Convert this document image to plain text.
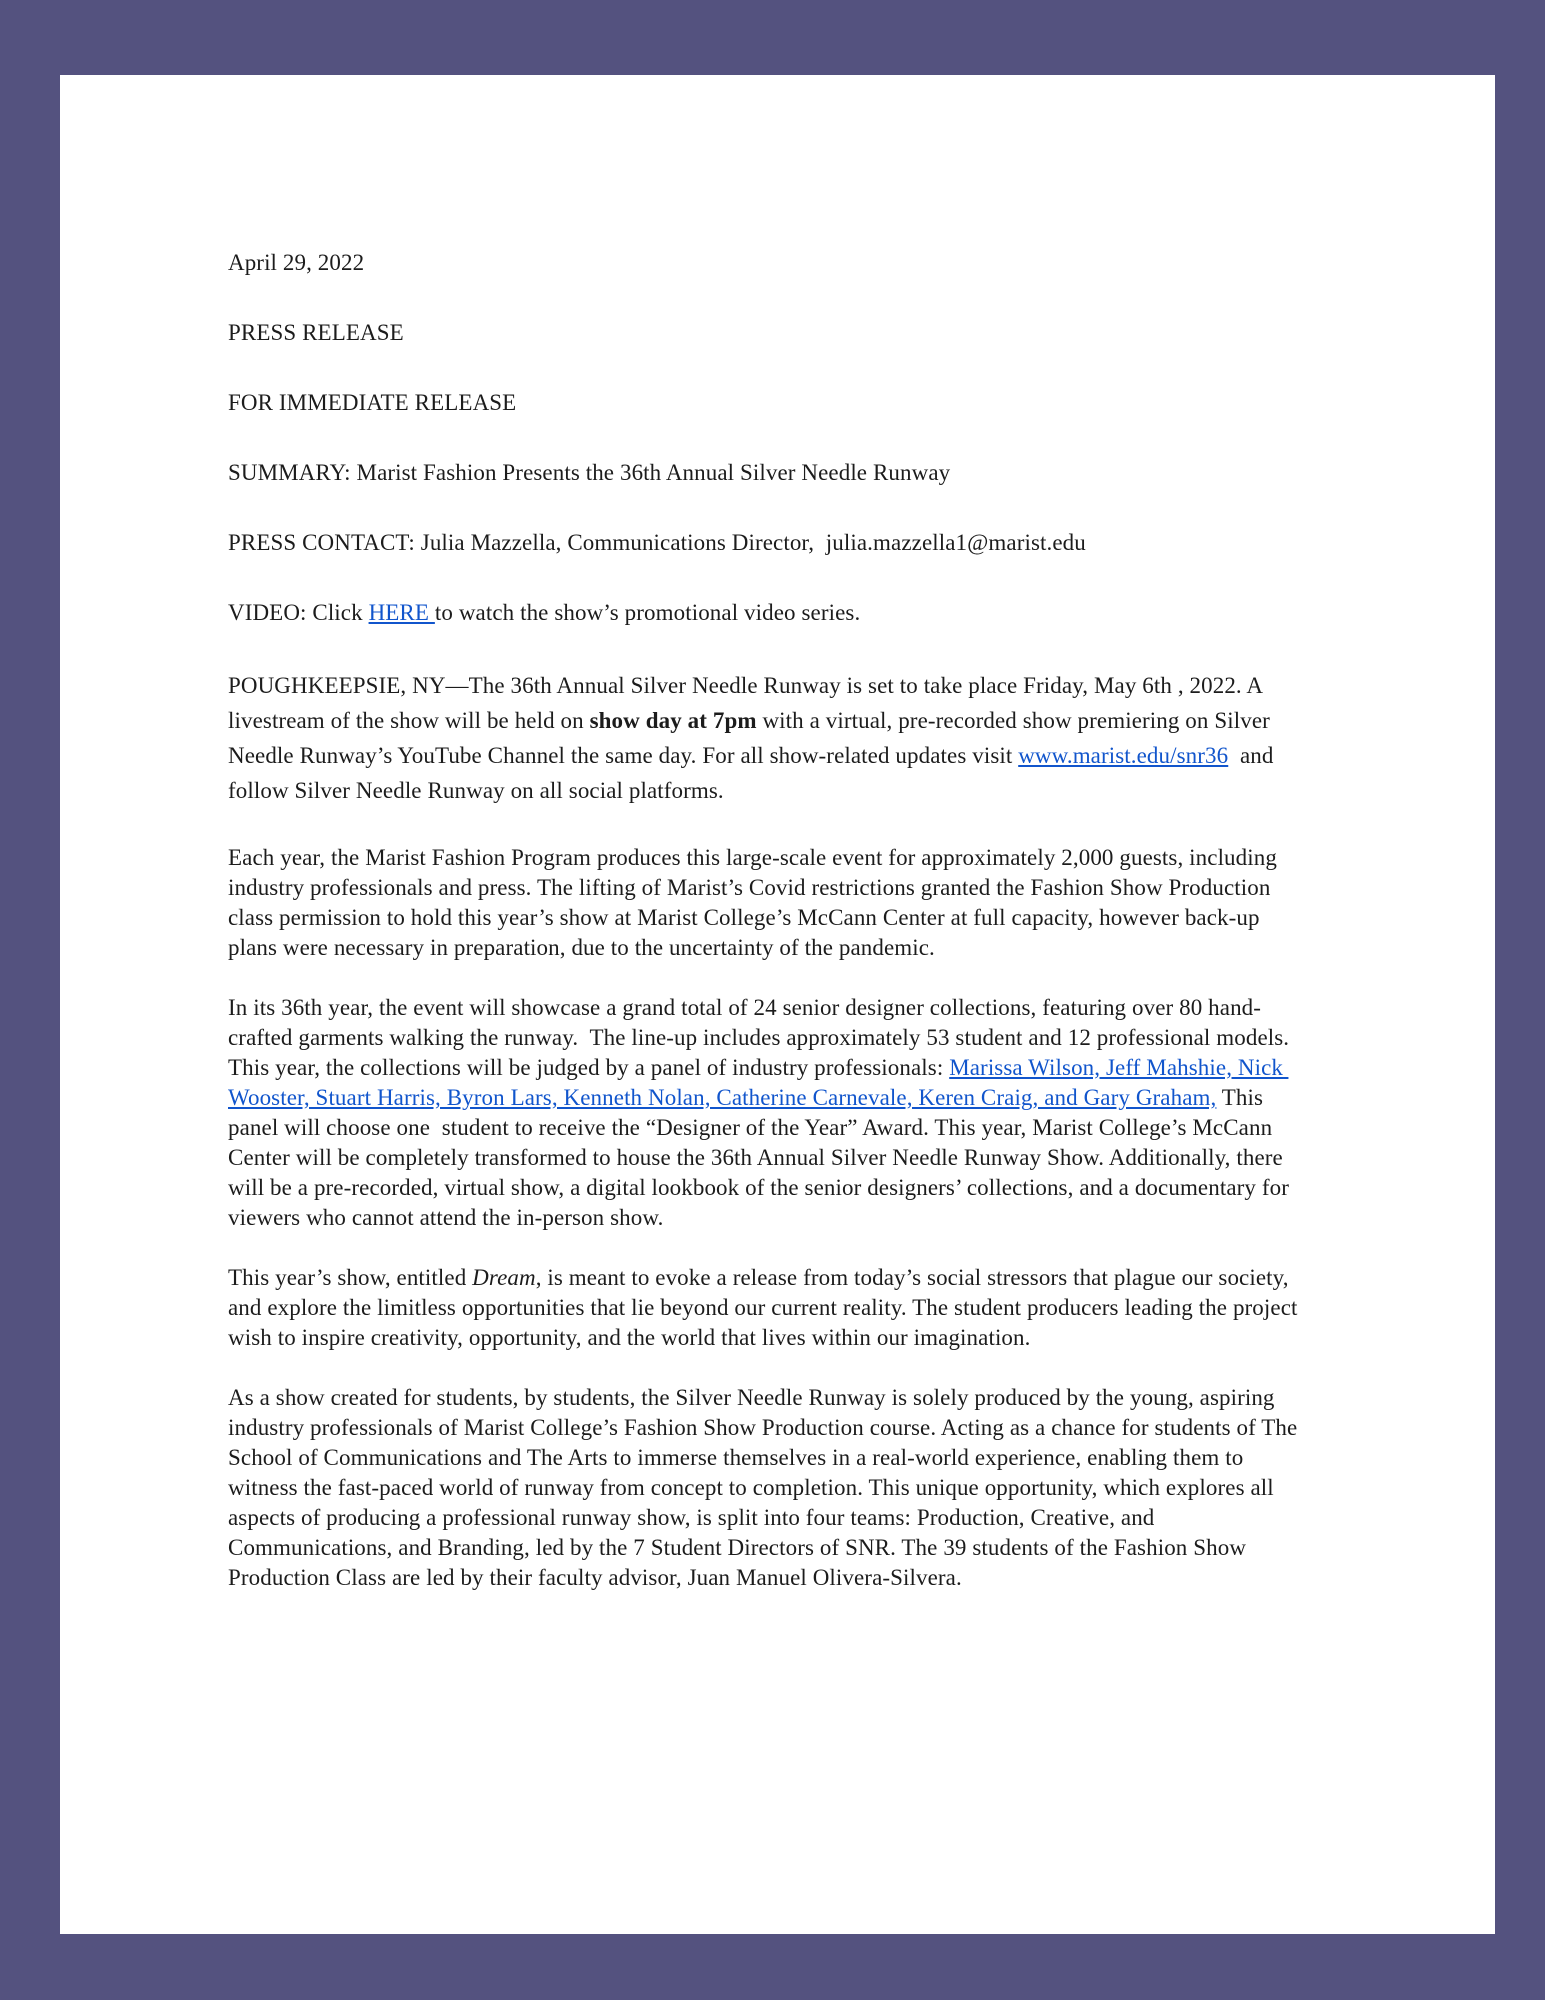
April 29, 2022

PRESS RELEASE

FOR IMMEDIATE RELEASE

SUMMARY: Marist Fashion Presents the 36th Annual Silver Needle Runway

PRESS CONTACT: Julia Mazzella, Communications Director,  julia.mazzella1@marist.edu

VIDEO: Click HERE to watch the show’s promotional video series.

POUGHKEEPSIE, NY—The 36th Annual Silver Needle Runway is set to take place Friday, May 6th , 2022. A livestream of the show will be held on show day at 7pm with a virtual, pre-recorded show premiering on Silver Needle Runway’s YouTube Channel the same day. For all show-related updates visit www.marist.edu/snr36  and follow Silver Needle Runway on all social platforms.

Each year, the Marist Fashion Program produces this large-scale event for approximately 2,000 guests, including industry professionals and press. The lifting of Marist’s Covid restrictions granted the Fashion Show Production class permission to hold this year’s show at Marist College’s McCann Center at full capacity, however back-up plans were necessary in preparation, due to the uncertainty of the pandemic.

In its 36th year, the event will showcase a grand total of 24 senior designer collections, featuring over 80 hand-crafted garments walking the runway.  The line-up includes approximately 53 student and 12 professional models. This year, the collections will be judged by a panel of industry professionals: Marissa Wilson, Jeff Mahshie, Nick Wooster, Stuart Harris, Byron Lars, Kenneth Nolan, Catherine Carnevale, Keren Craig, and Gary Graham, This panel will choose one  student to receive the “Designer of the Year” Award. This year, Marist College’s McCann Center will be completely transformed to house the 36th Annual Silver Needle Runway Show. Additionally, there will be a pre-recorded, virtual show, a digital lookbook of the senior designers’ collections, and a documentary for viewers who cannot attend the in-person show.

This year’s show, entitled Dream, is meant to evoke a release from today’s social stressors that plague our society, and explore the limitless opportunities that lie beyond our current reality. The student producers leading the project wish to inspire creativity, opportunity, and the world that lives within our imagination.

As a show created for students, by students, the Silver Needle Runway is solely produced by the young, aspiring industry professionals of Marist College’s Fashion Show Production course. Acting as a chance for students of The School of Communications and The Arts to immerse themselves in a real-world experience, enabling them to witness the fast-paced world of runway from concept to completion. This unique opportunity, which explores all aspects of producing a professional runway show, is split into four teams: Production, Creative, and Communications, and Branding, led by the 7 Student Directors of SNR. The 39 students of the Fashion Show Production Class are led by their faculty advisor, Juan Manuel Olivera-Silvera.
